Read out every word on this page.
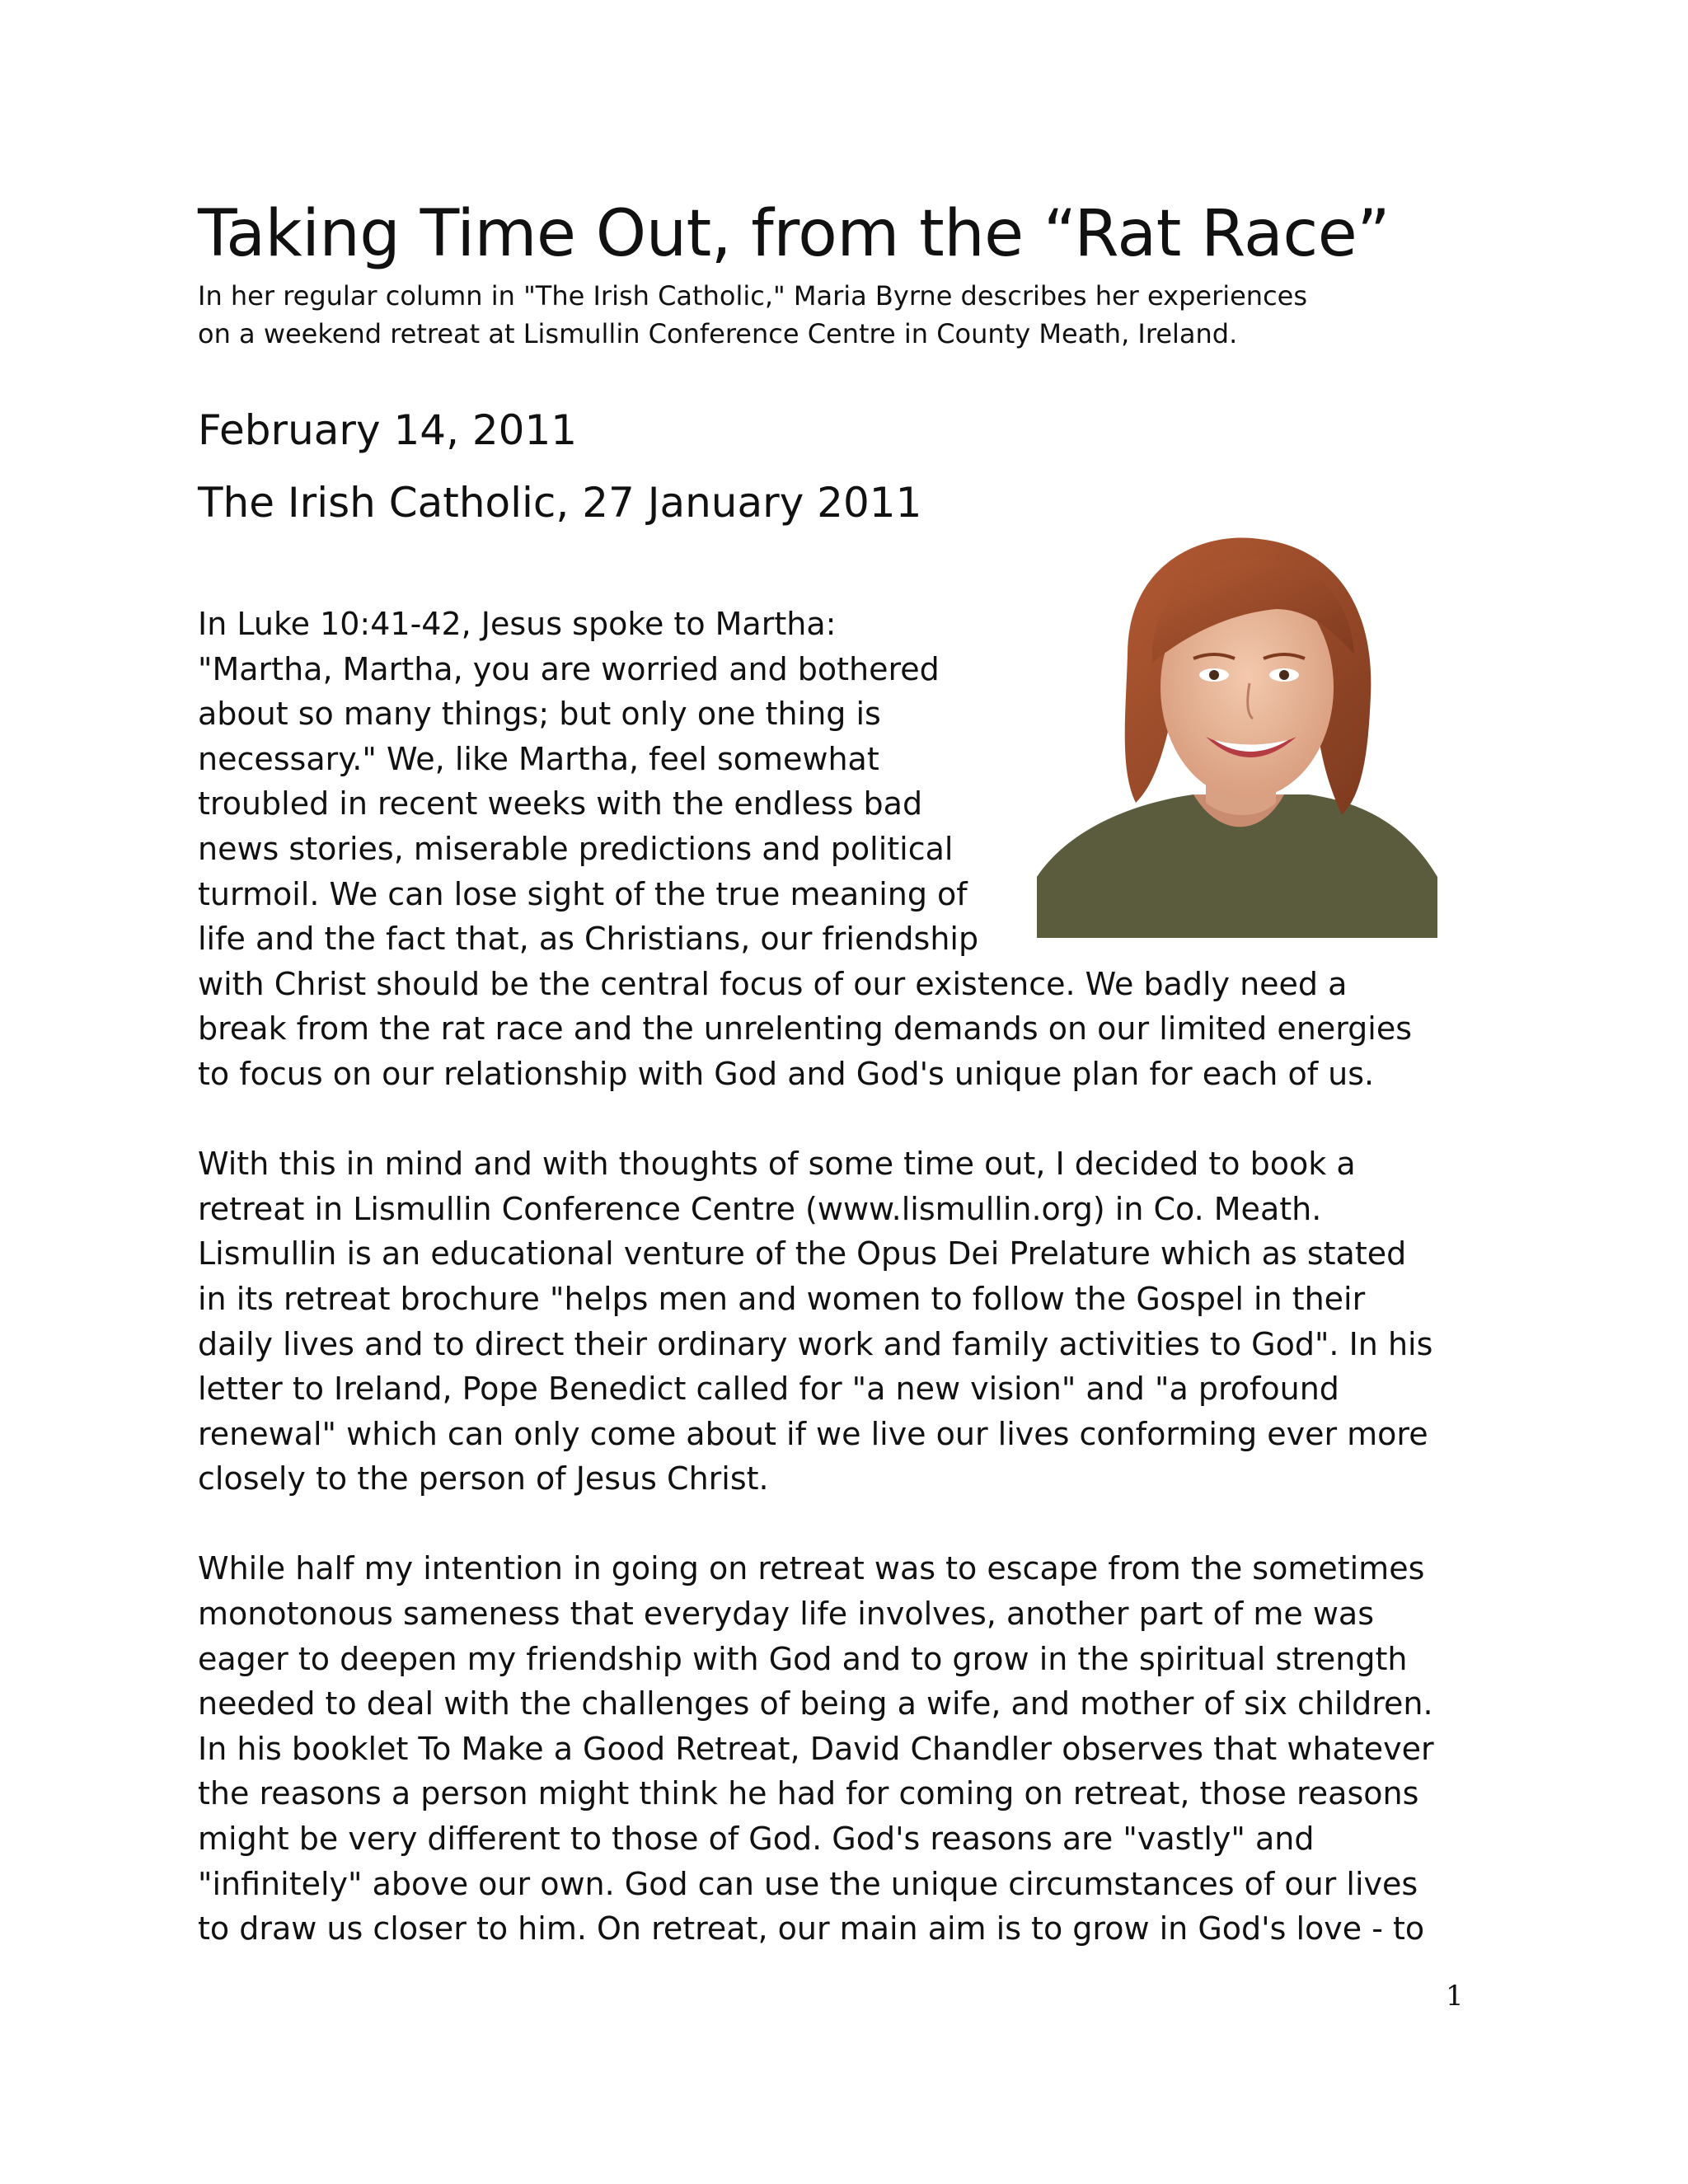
Taking Time Out, from the “Rat Race”
In her regular column in "The Irish Catholic," Maria Byrne describes her experiences
on a weekend retreat at Lismullin Conference Centre in County Meath, Ireland.
February 14, 2011
The Irish Catholic, 27 January 2011
In Luke 10:41-42, Jesus spoke to Martha:
"Martha, Martha, you are worried and bothered
about so many things; but only one thing is
necessary." We, like Martha, feel somewhat
troubled in recent weeks with the endless bad
news stories, miserable predictions and political
turmoil. We can lose sight of the true meaning of
life and the fact that, as Christians, our friendship
with Christ should be the central focus of our existence. We badly need a
break from the rat race and the unrelenting demands on our limited energies
to focus on our relationship with God and God's unique plan for each of us.
With this in mind and with thoughts of some time out, I decided to book a
retreat in Lismullin Conference Centre (www.lismullin.org) in Co. Meath.
Lismullin is an educational venture of the Opus Dei Prelature which as stated
in its retreat brochure "helps men and women to follow the Gospel in their
daily lives and to direct their ordinary work and family activities to God". In his
letter to Ireland, Pope Benedict called for "a new vision" and "a profound
renewal" which can only come about if we live our lives conforming ever more
closely to the person of Jesus Christ.
While half my intention in going on retreat was to escape from the sometimes
monotonous sameness that everyday life involves, another part of me was
eager to deepen my friendship with God and to grow in the spiritual strength
needed to deal with the challenges of being a wife, and mother of six children.
In his booklet To Make a Good Retreat, David Chandler observes that whatever
the reasons a person might think he had for coming on retreat, those reasons
might be very different to those of God. God's reasons are "vastly" and
"infinitely" above our own. God can use the unique circumstances of our lives
to draw us closer to him. On retreat, our main aim is to grow in God's love - to
1
